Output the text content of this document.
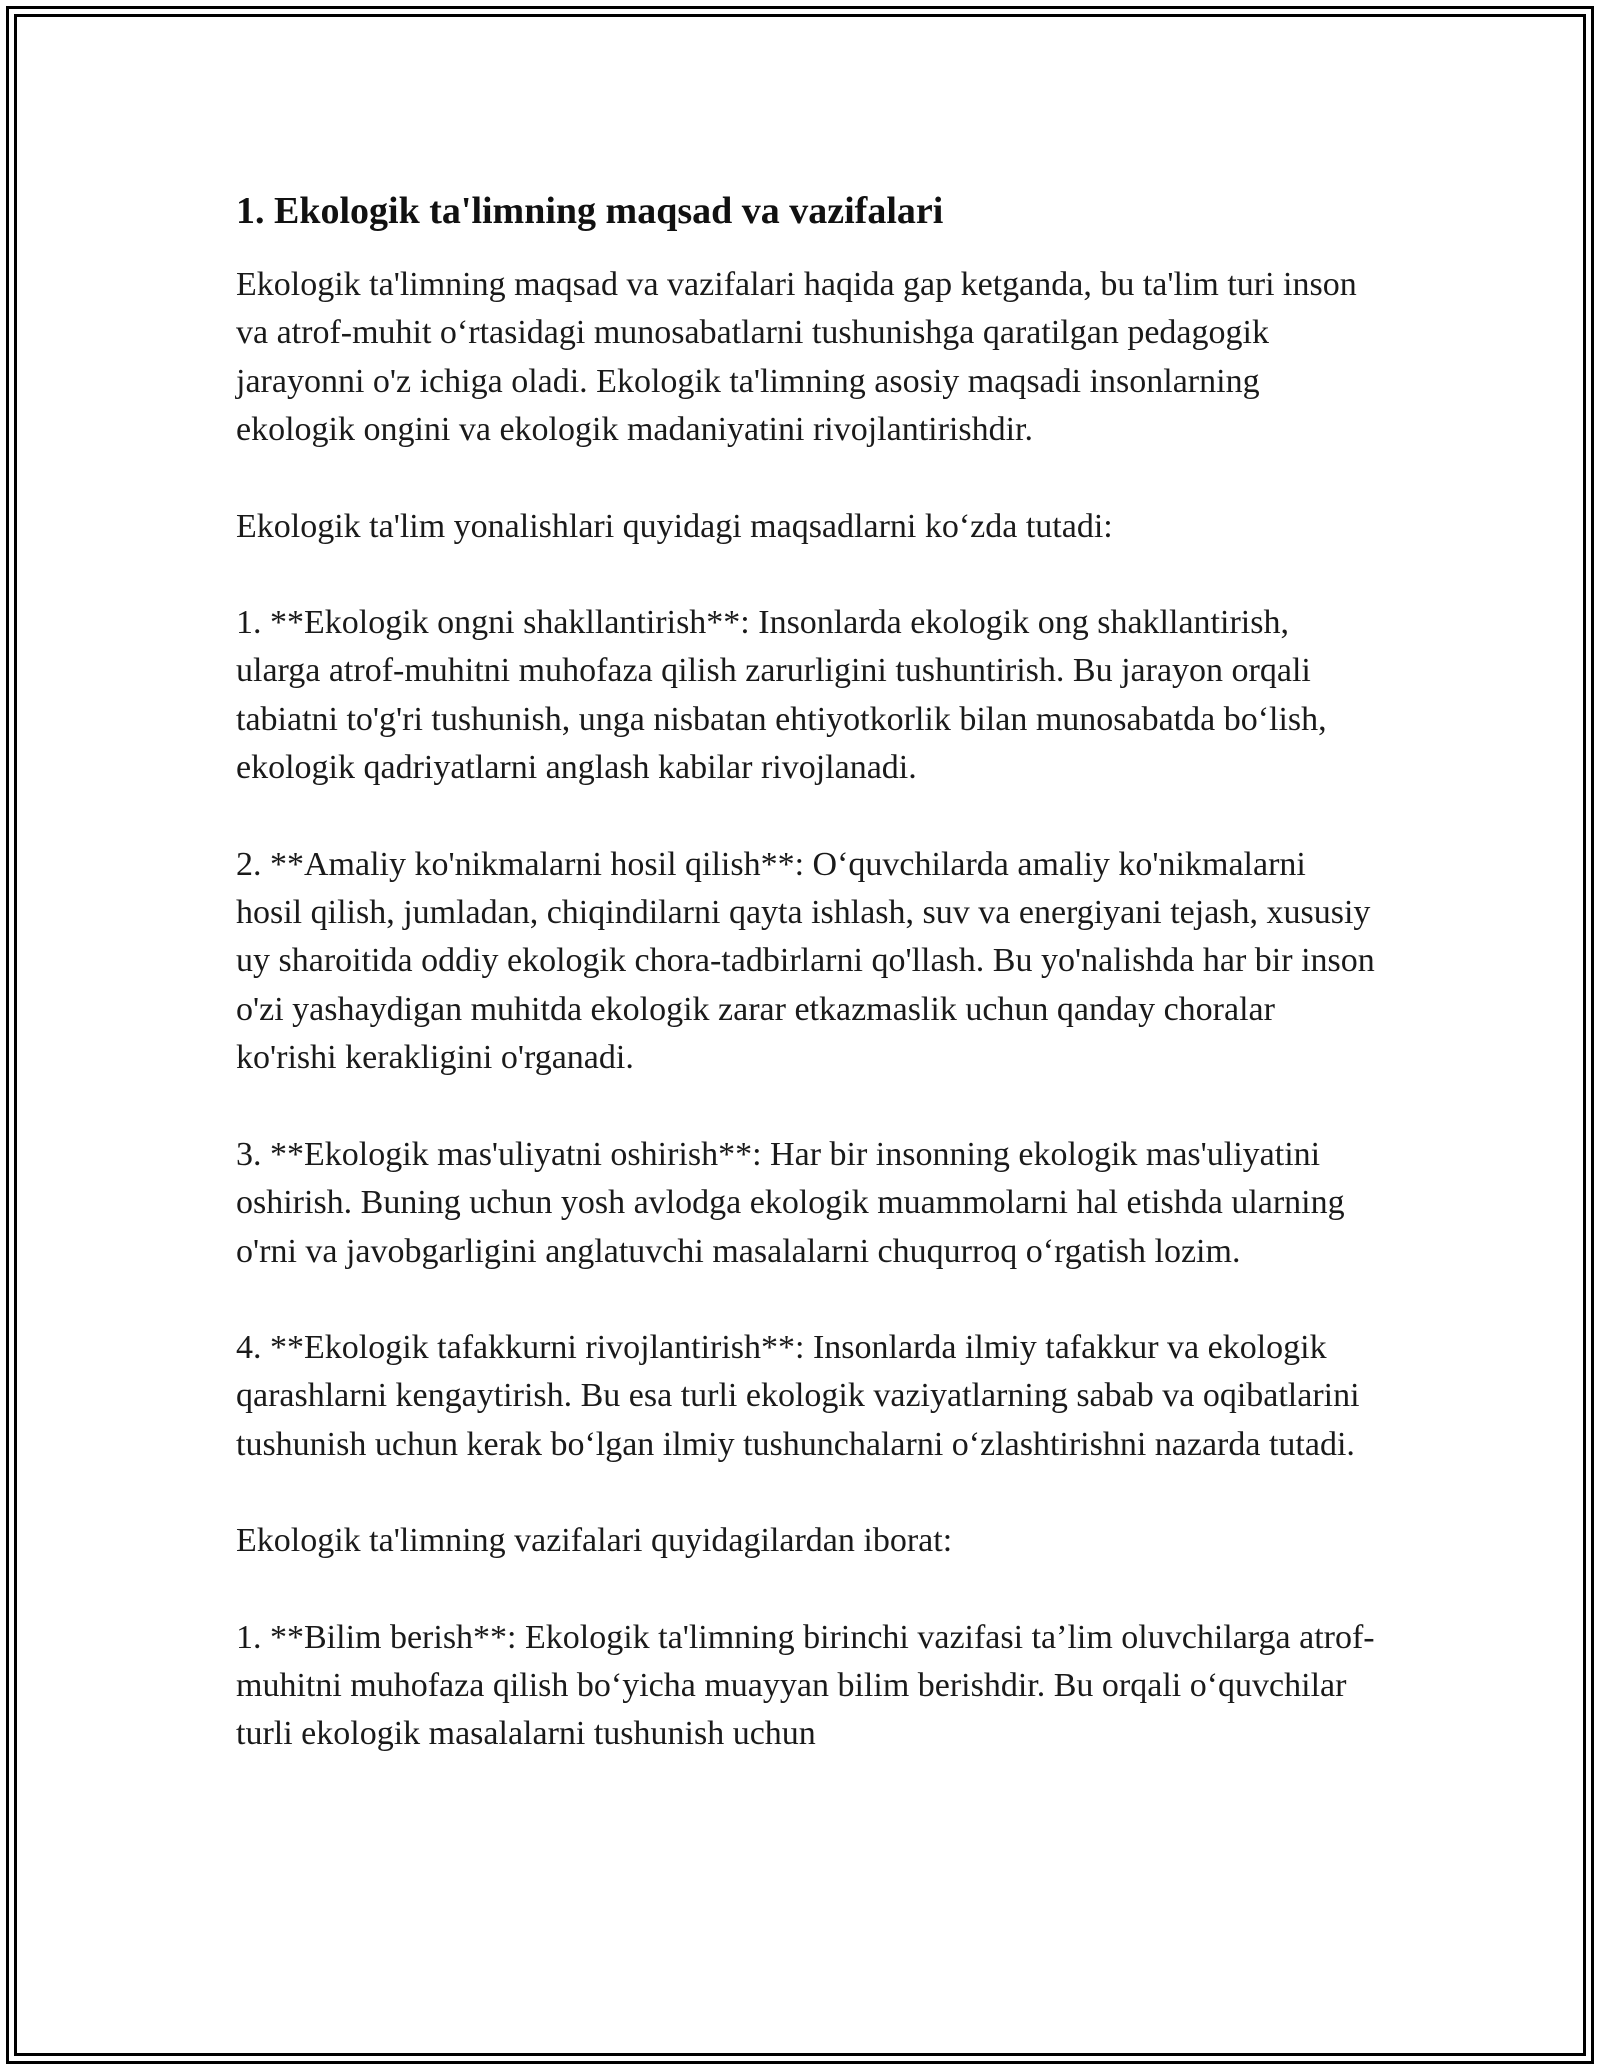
1. Ekologik ta'limning maqsad va vazifalari

Ekologik ta'limning maqsad va vazifalari haqida gap ketganda, bu ta'lim turi inson va atrof-muhit oʻrtasidagi munosabatlarni tushunishga qaratilgan pedagogik jarayonni o'z ichiga oladi. Ekologik ta'limning asosiy maqsadi insonlarning ekologik ongini va ekologik madaniyatini rivojlantirishdir.

Ekologik ta'lim yonalishlari quyidagi maqsadlarni koʻzda tutadi:

1. **Ekologik ongni shakllantirish**: Insonlarda ekologik ong shakllantirish, ularga atrof-muhitni muhofaza qilish zarurligini tushuntirish. Bu jarayon orqali tabiatni to'g'ri tushunish, unga nisbatan ehtiyotkorlik bilan munosabatda boʻlish, ekologik qadriyatlarni anglash kabilar rivojlanadi.

2. **Amaliy ko'nikmalarni hosil qilish**: Oʻquvchilarda amaliy ko'nikmalarni hosil qilish, jumladan, chiqindilarni qayta ishlash, suv va energiyani tejash, xususiy uy sharoitida oddiy ekologik chora-tadbirlarni qo'llash. Bu yo'nalishda har bir inson o'zi yashaydigan muhitda ekologik zarar etkazmaslik uchun qanday choralar ko'rishi kerakligini o'rganadi.

3. **Ekologik mas'uliyatni oshirish**: Har bir insonning ekologik mas'uliyatini oshirish. Buning uchun yosh avlodga ekologik muammolarni hal etishda ularning o'rni va javobgarligini anglatuvchi masalalarni chuqurroq oʻrgatish lozim.

4. **Ekologik tafakkurni rivojlantirish**: Insonlarda ilmiy tafakkur va ekologik qarashlarni kengaytirish. Bu esa turli ekologik vaziyatlarning sabab va oqibatlarini tushunish uchun kerak boʻlgan ilmiy tushunchalarni oʻzlashtirishni nazarda tutadi.

Ekologik ta'limning vazifalari quyidagilardan iborat:

1. **Bilim berish**: Ekologik ta'limning birinchi vazifasi ta’lim oluvchilarga atrof-muhitni muhofaza qilish boʻyicha muayyan bilim berishdir. Bu orqali oʻquvchilar turli ekologik masalalarni tushunish uchun
